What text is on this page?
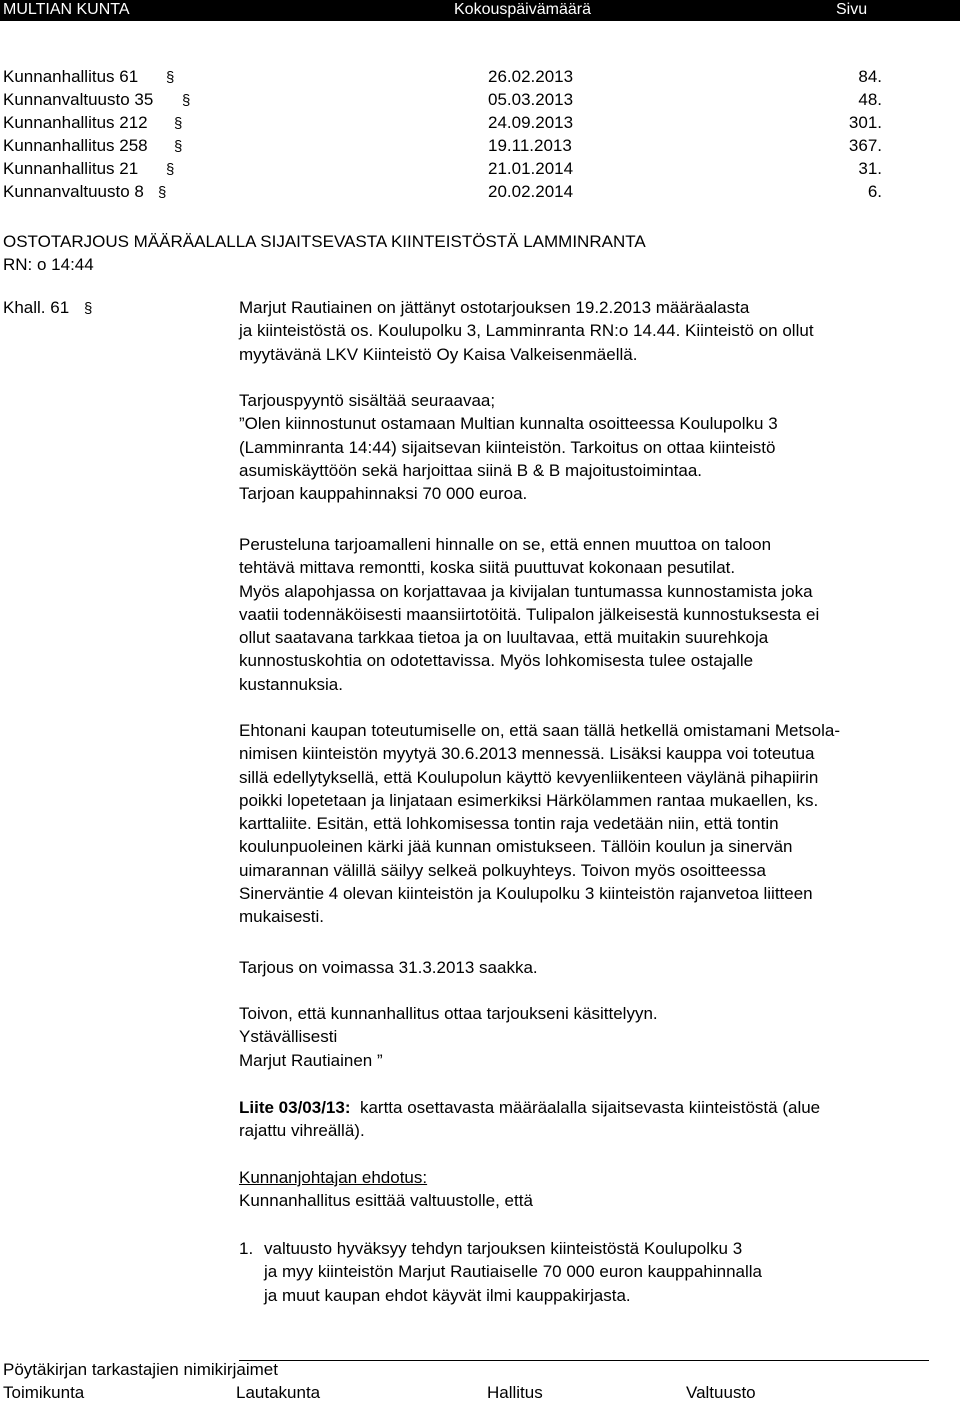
MULTIAN KUNTA	Kokouspäivämäärä	Sivu
Kunnanhallitus 61 §	26.02.2013	84.
Kunnanvaltuusto 35 §	05.03.2013	48.
Kunnanhallitus 212 §	24.09.2013	301.
Kunnanhallitus 258 §	19.11.2013	367.
Kunnanhallitus 21 §	21.01.2014	31.
Kunnanvaltuusto 8 §	20.02.2014	6.
OSTOTARJOUS MÄÄRÄALALLA SIJAITSEVASTA KIINTEISTÖSTÄ LAMMINRANTA
RN: o 14:44
Khall. 61 §	Marjut Rautiainen on jättänyt ostotarjouksen 19.2.2013 määräalasta

ja kiinteistöstä os. Koulupolku 3, Lamminranta RN:o 14.44. Kiinteistö on ollut

myytävänä LKV Kiinteistö Oy Kaisa Valkeisenmäellä.

Tarjouspyyntö sisältää seuraavaa;

”Olen kiinnostunut ostamaan Multian kunnalta osoitteessa Koulupolku 3

(Lamminranta 14:44) sijaitsevan kiinteistön. Tarkoitus on ottaa kiinteistö

asumiskäyttöön sekä harjoittaa siinä B & B majoitustoimintaa.

Tarjoan kauppahinnaksi 70 000 euroa.

Perusteluna tarjoamalleni hinnalle on se, että ennen muuttoa on taloon

tehtävä mittava remontti, koska siitä puuttuvat kokonaan pesutilat.

Myös alapohjassa on korjattavaa ja kivijalan tuntumassa kunnostamista joka

vaatii todennäköisesti maansiirtotöitä. Tulipalon jälkeisestä kunnostuksesta ei

ollut saatavana tarkkaa tietoa ja on luultavaa, että muitakin suurehkoja

kunnostuskohtia on odotettavissa. Myös lohkomisesta tulee ostajalle

kustannuksia.

Ehtonani kaupan toteutumiselle on, että saan tällä hetkellä omistamani Metsola-

nimisen kiinteistön myytyä 30.6.2013 mennessä. Lisäksi kauppa voi toteutua

sillä edellytyksellä, että Koulupolun käyttö kevyenliikenteen väylänä pihapiirin

poikki lopetetaan ja linjataan esimerkiksi Härkölammen rantaa mukaellen, ks.

karttaliite. Esitän, että lohkomisessa tontin raja vedetään niin, että tontin

koulunpuoleinen kärki jää kunnan omistukseen. Tällöin koulun ja sinervän

uimarannan välillä säilyy selkeä polkuyhteys. Toivon myös osoitteessa

Sinerväntie 4 olevan kiinteistön ja Koulupolku 3 kiinteistön rajanvetoa liitteen

mukaisesti.

Tarjous on voimassa 31.3.2013 saakka.

Toivon, että kunnanhallitus ottaa tarjoukseni käsittelyyn.

Ystävällisesti

Marjut Rautiainen ”

Liite 03/03/13: kartta osettavasta määräalalla sijaitsevasta kiinteistöstä (alue

rajattu vihreällä).

Kunnanjohtajan ehdotus:

Kunnanhallitus esittää valtuustolle, että

1. valtuusto hyväksyy tehdyn tarjouksen kiinteistöstä Koulupolku 3

ja myy kiinteistön Marjut Rautiaiselle 70 000 euron kauppahinnalla

ja muut kaupan ehdot käyvät ilmi kauppakirjasta.

Pöytäkirjan tarkastajien nimikirjaimet
Toimikunta	Lautakunta	Hallitus	Valtuusto
